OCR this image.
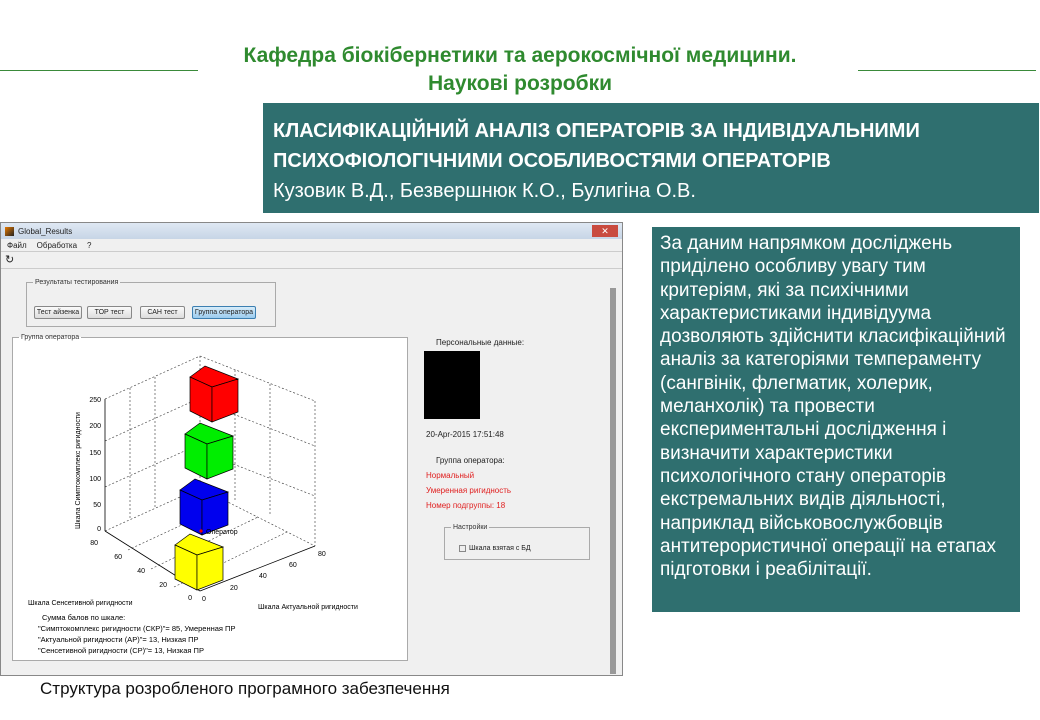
Кафедра біокібернетики та аерокосмічної медицини.
Наукові розробки
КЛАСИФІКАЦІЙНИЙ АНАЛІЗ ОПЕРАТОРІВ ЗА ІНДИВІДУАЛЬНИМИ
ПСИХОФІОЛОГІЧНИМИ ОСОБЛИВОСТЯМИ ОПЕРАТОРІВ
Кузовик В.Д., Безвершнюк К.О., Булигіна О.В.
За даним напрямком досліджень приділено особливу увагу тим критеріям, які за психічними характеристиками індивідуума дозволяють здійснити класифікаційний аналіз за категоріями темпераменту (сангвінік, флегматик, холерик, меланхолік) та провести експериментальні дослідження і визначити характеристики психологічного стану операторів екстремальних видів діяльності, наприклад військовослужбовців антитерористичної операції на етапах підготовки і реабілітації.
Global_Results	✕
Файл Обработка ?
↻
Результаты тестирования
Тест айзенка	ТОР тест	САН тест	Группа оператора
Группа оператора
Оператор
250
200
150
100
50
0
80
60
40
20
0 0
20
40
60
80
Шкала Сенсетивной ригидности
Шкала Актуальной ригидности
Шкала Симптокомплекс ригидности
Сумма балов по шкале:
"Симптокомплекс ригидности (СКР)"= 85, Умеренная ПР
"Актуальной ригидности (АР)"= 13, Низкая ПР
"Сенсетивной ригидности (СР)"= 13, Низкая ПР
Персональные данные:
20-Apr-2015 17:51:48
Группа оператора:
Нормальный
Умеренная ригидность
Номер подгруппы: 18
Настройки
Шкала взятая с БД
Структура розробленого програмного забезпечення
